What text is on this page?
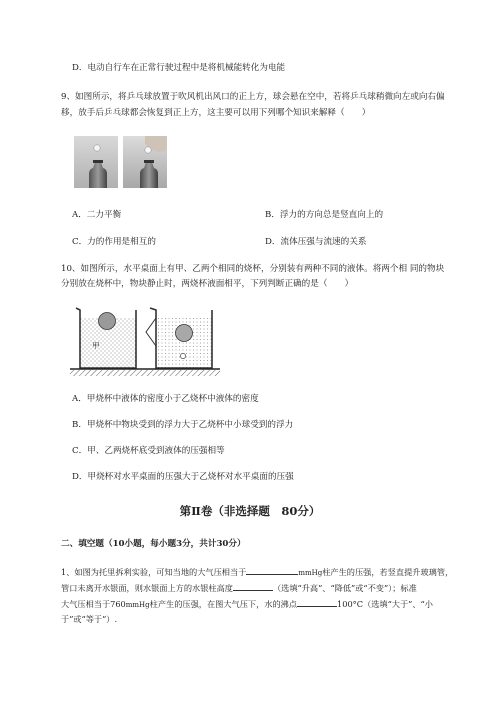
D．电动自行车在正常行驶过程中是将机械能转化为电能
9、如图所示，将乒乓球放置于吹风机出风口的正上方，球会悬在空中，若将乒乓球稍微向左或向右偏
移，放手后乒乓球都会恢复到正上方，这主要可以用下列哪个知识来解释（　　）
A．二力平衡	B．浮力的方向总是竖直向上的
C．力的作用是相互的	D．流体压强与流速的关系
10、如图所示，水平桌面上有甲、乙两个相同的烧杯，分别装有两种不同的液体。将两个相 同的物块
分别放在烧杯中，物块静止时，两烧杯液面相平，下列判断正确的是（　　）
甲
A．甲烧杯中液体的密度小于乙烧杯中液体的密度
B．甲烧杯中物块受到的浮力大于乙烧杯中小球受到的浮力
C．甲、乙两烧杯底受到液体的压强相等
D．甲烧杯对水平桌面的压强大于乙烧杯对水平桌面的压强
第Ⅱ卷（非选择题　80分）
二、填空题（10小题，每小题3分，共计30分）
1、如图为托里拆利实验，可知当地的大气压相当于	mmHg柱产生的压强，若竖直提升玻璃管，
管口未离开水银面，则水银面上方的水银柱高度	（选填“升高”、“降低”或“不变”）；标准
大气压相当于760mmHg柱产生的压强，在图大气压下，水的沸点	100°C（选填“大于”、“小
于”或“等于”）.
